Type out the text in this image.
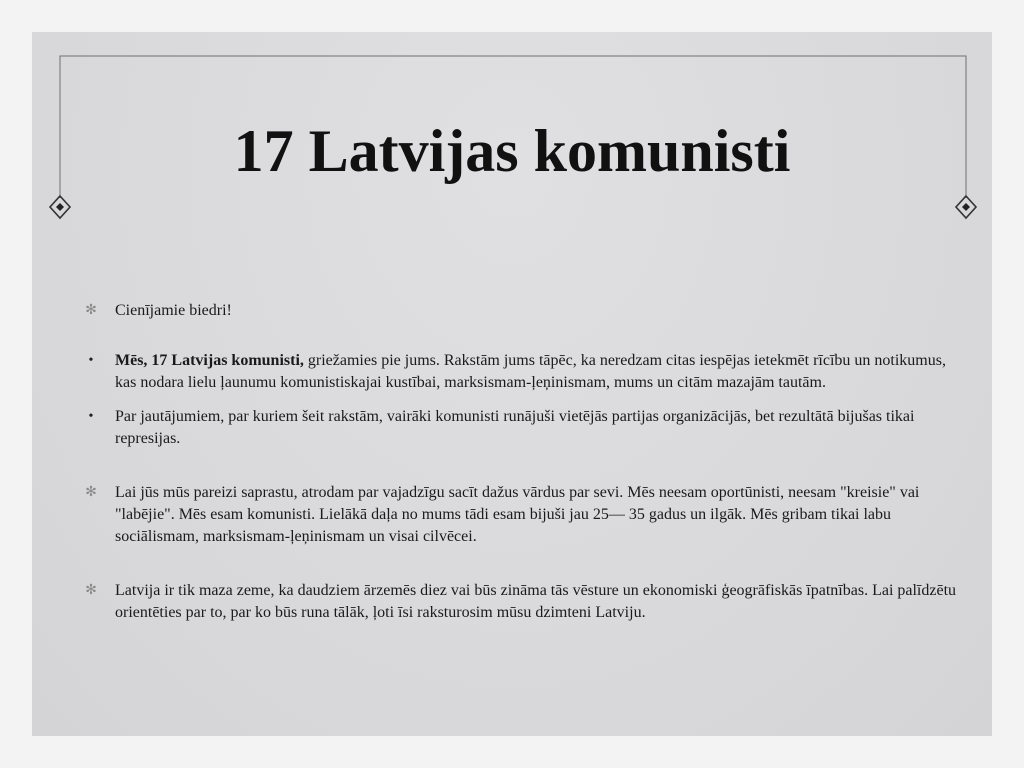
17 Latvijas komunisti
✻ Cienījamie biedri!
• Mēs, 17 Latvijas komunisti, griežamies pie jums. Rakstām jums tāpēc, ka neredzam citas iespējas ietekmēt rīcību un notikumus, kas nodara lielu ļaunumu komunistiskajai kustībai, marksismam-ļeņinismam, mums un citām mazajām tautām.
• Par jautājumiem, par kuriem šeit rakstām, vairāki komunisti runājuši vietējās partijas organizācijās, bet rezultātā bijušas tikai represijas.
✻ Lai jūs mūs pareizi saprastu, atrodam par vajadzīgu sacīt dažus vārdus par sevi. Mēs neesam oportūnisti, neesam "kreisie" vai "labējie". Mēs esam komunisti. Lielākā daļa no mums tādi esam bijuši jau 25— 35 gadus un ilgāk. Mēs gribam tikai labu sociālismam, marksismam-ļeņinismam un visai cilvēcei.
✻ Latvija ir tik maza zeme, ka daudziem ārzemēs diez vai būs zināma tās vēsture un ekonomiski ģeogrāfiskās īpatnības. Lai palīdzētu orientēties par to, par ko būs runa tālāk, ļoti īsi raksturosim mūsu dzimteni Latviju.
